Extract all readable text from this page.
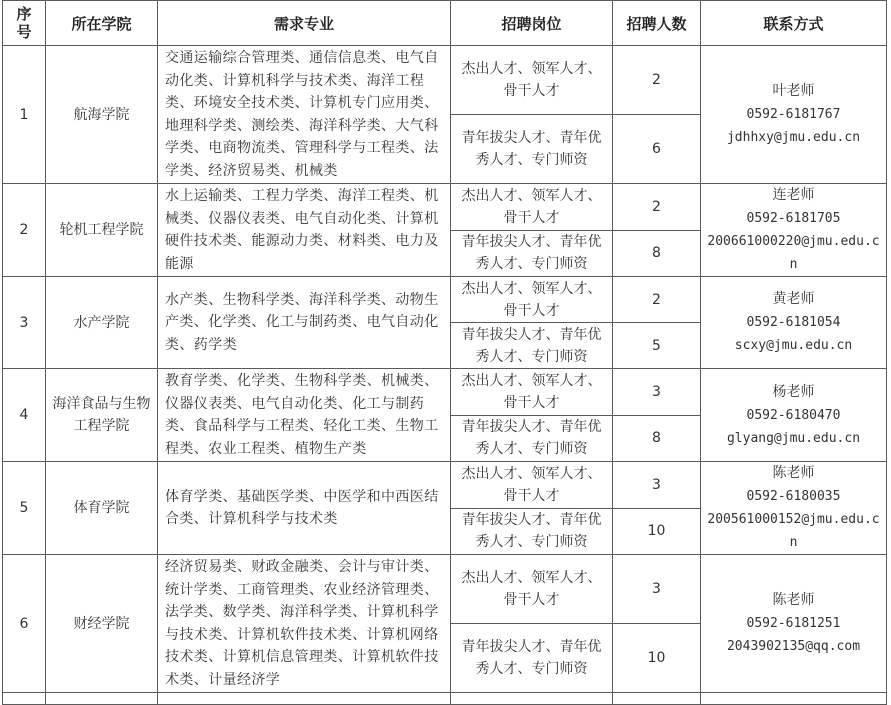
序
号	所在学院	需求专业	招聘岗位	招聘人数	联系方式
1	航海学院	交通运输综合管理类、通信信息类、电气自动化类、计算机科学与技术类、海洋工程类、环境安全技术类、计算机专门应用类、地理科学类、测绘类、海洋科学类、大气科学类、电商物流类、管理科学与工程类、法学类、经济贸易类、机械类	杰出人才、领军人才、骨干人才	2	叶老师
0592-6181767
jdhhxy@jmu.edu.cn

			青年拔尖人才、青年优秀人才、专门师资	6	
2	轮机工程学院	水上运输类、工程力学类、海洋工程类、机械类、仪器仪表类、电气自动化类、计算机硬件技术类、能源动力类、材料类、电力及能源	杰出人才、领军人才、骨干人才	2	连老师
0592-6181705
200661000220@jmu.edu.cn

			青年拔尖人才、青年优秀人才、专门师资	8	
3	水产学院	水产类、生物科学类、海洋科学类、动物生产类、化学类、化工与制药类、电气自动化类、药学类	杰出人才、领军人才、骨干人才	2	黄老师
0592-6181054
scxy@jmu.edu.cn

			青年拔尖人才、青年优秀人才、专门师资	5	
4	海洋食品与生物工程学院	教育学类、化学类、生物科学类、机械类、仪器仪表类、电气自动化类、化工与制药类、食品科学与工程类、轻化工类、生物工程类、农业工程类、植物生产类	杰出人才、领军人才、骨干人才	3	杨老师
0592-6180470
glyang@jmu.edu.cn

			青年拔尖人才、青年优秀人才、专门师资	8	
5	体育学院	体育学类、基础医学类、中医学和中西医结合类、计算机科学与技术类	杰出人才、领军人才、骨干人才	3	陈老师
0592-6180035
200561000152@jmu.edu.cn

			青年拔尖人才、青年优秀人才、专门师资	10	
6	财经学院	经济贸易类、财政金融类、会计与审计类、统计学类、工商管理类、农业经济管理类、法学类、数学类、海洋科学类、计算机科学与技术类、计算机软件技术类、计算机网络技术类、计算机信息管理类、计算机软件技术类、计量经济学	杰出人才、领军人才、骨干人才	3	陈老师
0592-6181251
2043902135@qq.com

			青年拔尖人才、青年优秀人才、专门师资	10	
